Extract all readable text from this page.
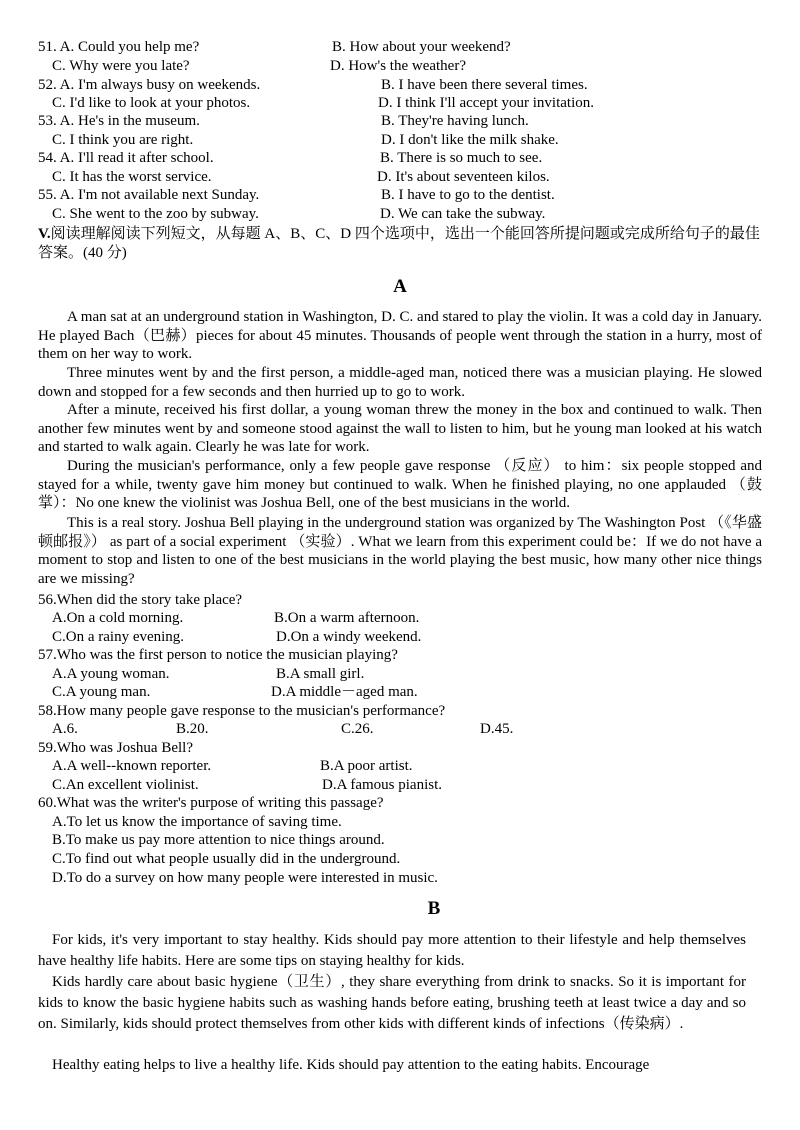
51. A. Could you help me?	B. How about your weekend?
C. Why were you late?	D. How's the weather?
52. A. I'm always busy on weekends.	B. I have been there several times.
C. I'd like to look at your photos.	D. I think I'll accept your invitation.
53. A. He's in the museum.	B. They're having lunch.
C. I think you are right.	D. I don't like the milk shake.
54. A. I'll read it after school.	B. There is so much to see.
C. It has the worst service.	D. It's about seventeen kilos.
55. A. I'm not available next Sunday.	B. I have to go to the dentist.
C. She went to the zoo by subway.	D. We can take the subway.
V.阅读理解阅读下列短文，从每题 A、B、C、D 四个选项中，选出一个能回答所提问题或完成所给句子的最佳答案。(40 分)
A
A man sat at an underground station in Washington, D. C. and stared to play the violin. It was a cold day in January. He played Bach（巴赫）pieces for about 45 minutes. Thousands of people went through the station in a hurry, most of them on her way to work.
Three minutes went by and the first person, a middle-aged man, noticed there was a musician playing. He slowed down and stopped for a few seconds and then hurried up to go to work.
After a minute, received his first dollar, a young woman threw the money in the box and continued to walk. Then another few minutes went by and someone stood against the wall to listen to him, but he young man looked at his watch and started to walk again. Clearly he was late for work.
During the musician's performance, only a few people gave response （反应） to him：six people stopped and stayed for a while, twenty gave him money but continued to walk. When he finished playing, no one applauded （鼓掌）：No one knew the violinist was Joshua Bell, one of the best musicians in the world.
This is a real story. Joshua Bell playing in the underground station was organized by The Washington Post （《华盛顿邮报》） as part of a social experiment （实验）. What we learn from this experiment could be：If we do not have a moment to stop and listen to one of the best musicians in the world playing the best music, how many other nice things are we missing?
56.When did the story take place?
A.On a cold morning.	B.On a warm afternoon.
C.On a rainy evening.	D.On a windy weekend.
57.Who was the first person to notice the musician playing?
A.A young woman.	B.A small girl.
C.A young man.	D.A middle－aged man.
58.How many people gave response to the musician's performance?
A.6.	B.20.	C.26.	D.45.
59.Who was Joshua Bell?
A.A well--known reporter.	B.A poor artist.
C.An excellent violinist.	D.A famous pianist.
60.What was the writer's purpose of writing this passage?
A.To let us know the importance of saving time.
B.To make us pay more attention to nice things around.
C.To find out what people usually did in the underground.
D.To do a survey on how many people were interested in music.
B
For kids, it's very important to stay healthy. Kids should pay more attention to their lifestyle and help themselves have healthy life habits. Here are some tips on staying healthy for kids.
Kids hardly care about basic hygiene（卫生）, they share everything from drink to snacks. So it is important for kids to know the basic hygiene habits such as washing hands before eating, brushing teeth at least twice a day and so on. Similarly, kids should protect themselves from other kids with different kinds of infections（传染病）.
Healthy eating helps to live a healthy life. Kids should pay attention to the eating habits. Encourage
